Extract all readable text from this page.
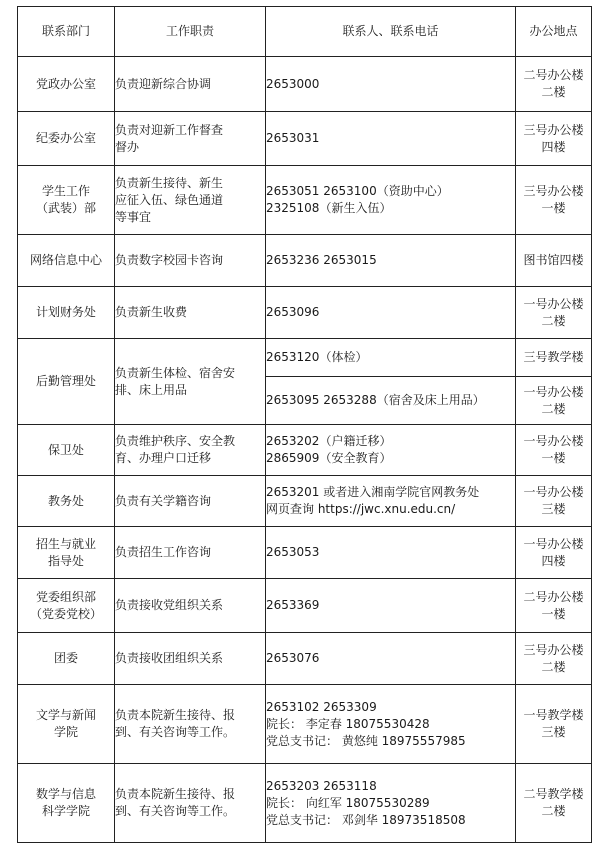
联系部门	工作职责	联系人、联系电话	办公地点

党政办公室	负责迎新综合协调	2653000	二号办公楼
二楼

纪委办公室	负责对迎新工作督查
督办	2653031	三号办公楼
四楼

学生工作
（武装）部	负责新生接待、新生
应征入伍、绿色通道
等事宜	2653051 2653100（资助中心）
2325108（新生入伍）	三号办公楼
一楼

网络信息中心	负责数字校园卡咨询	2653236 2653015	图书馆四楼

计划财务处	负责新生收费	2653096	一号办公楼
二楼

后勤管理处	负责新生体检、宿舍安
排、床上用品	2653120（体检）	三号教学楼

		2653095 2653288（宿舍及床上用品）	一号办公楼
二楼

保卫处	负责维护秩序、安全教
育、办理户口迁移	2653202（户籍迁移）
2865909（安全教育）	一号办公楼
一楼

教务处	负责有关学籍咨询	2653201 或者进入湘南学院官网教务处
网页查询 https://jwc.xnu.edu.cn/	一号办公楼
三楼

招生与就业
指导处	负责招生工作咨询	2653053	一号办公楼
四楼

党委组织部
（党委党校）	负责接收党组织关系	2653369	二号办公楼
一楼

团委	负责接收团组织关系	2653076	三号办公楼
二楼

文学与新闻
学院	负责本院新生接待、报
到、有关咨询等工作。	2653102 2653309
院长： 李定春 18075530428
党总支书记： 黄悠纯 18975557985	一号教学楼
三楼

数学与信息
科学学院	负责本院新生接待、报
到、有关咨询等工作。	2653203 2653118
院长： 向红军 18075530289
党总支书记： 邓剑华 18973518508	二号教学楼
二楼
